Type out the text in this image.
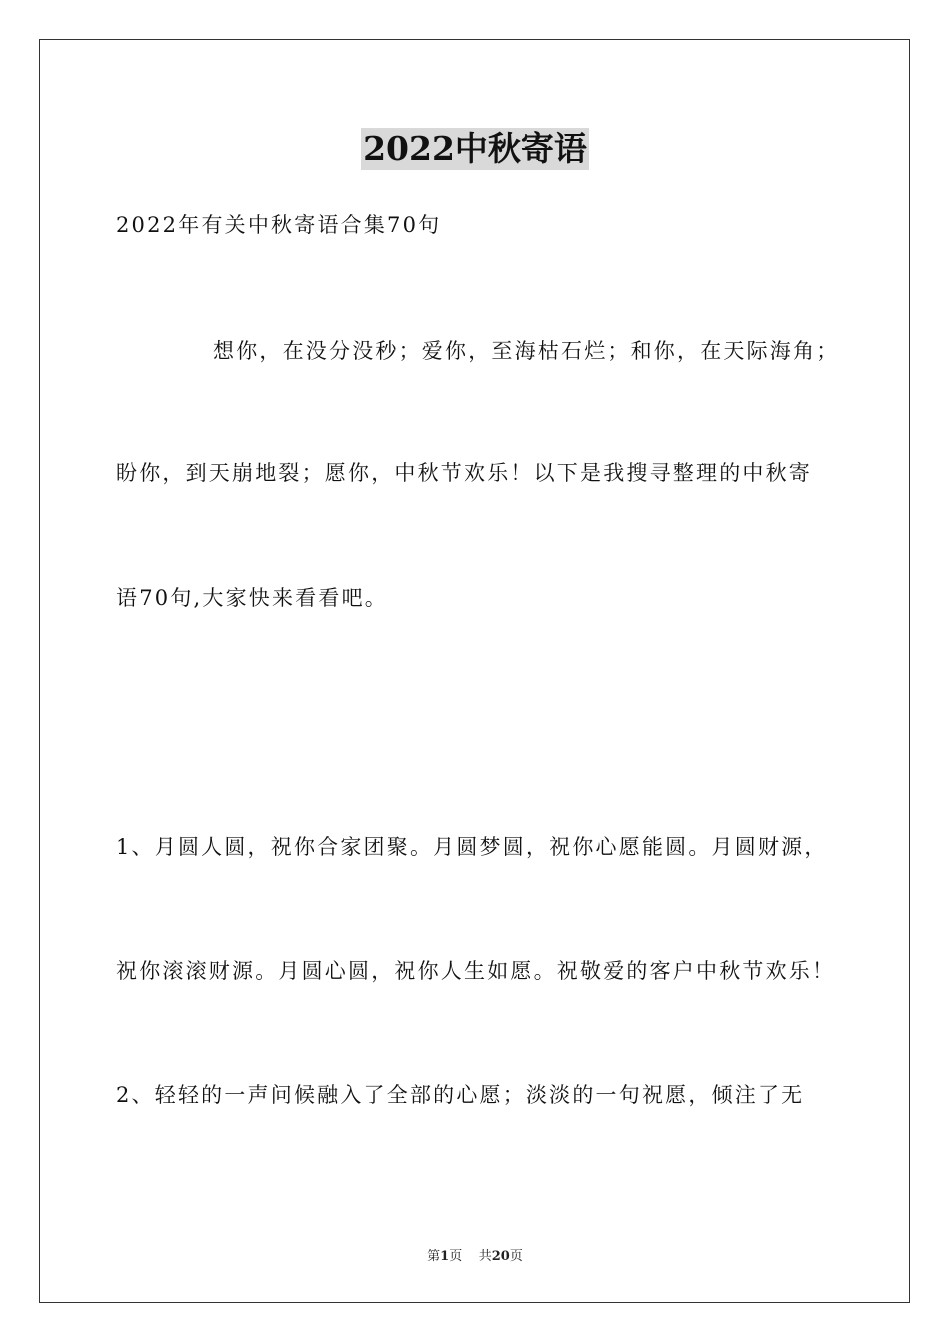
2022中秋寄语
2022年有关中秋寄语合集70句
想你，在没分没秒；爱你，至海枯石烂；和你，在天际海角；
盼你，到天崩地裂；愿你，中秋节欢乐！以下是我搜寻整理的中秋寄
语70句,大家快来看看吧。
1、月圆人圆，祝你合家团聚。月圆梦圆，祝你心愿能圆。月圆财源，
祝你滚滚财源。月圆心圆，祝你人生如愿。祝敬爱的客户中秋节欢乐！
2、轻轻的一声问候融入了全部的心愿；淡淡的一句祝愿，倾注了无
第1页 共20页
